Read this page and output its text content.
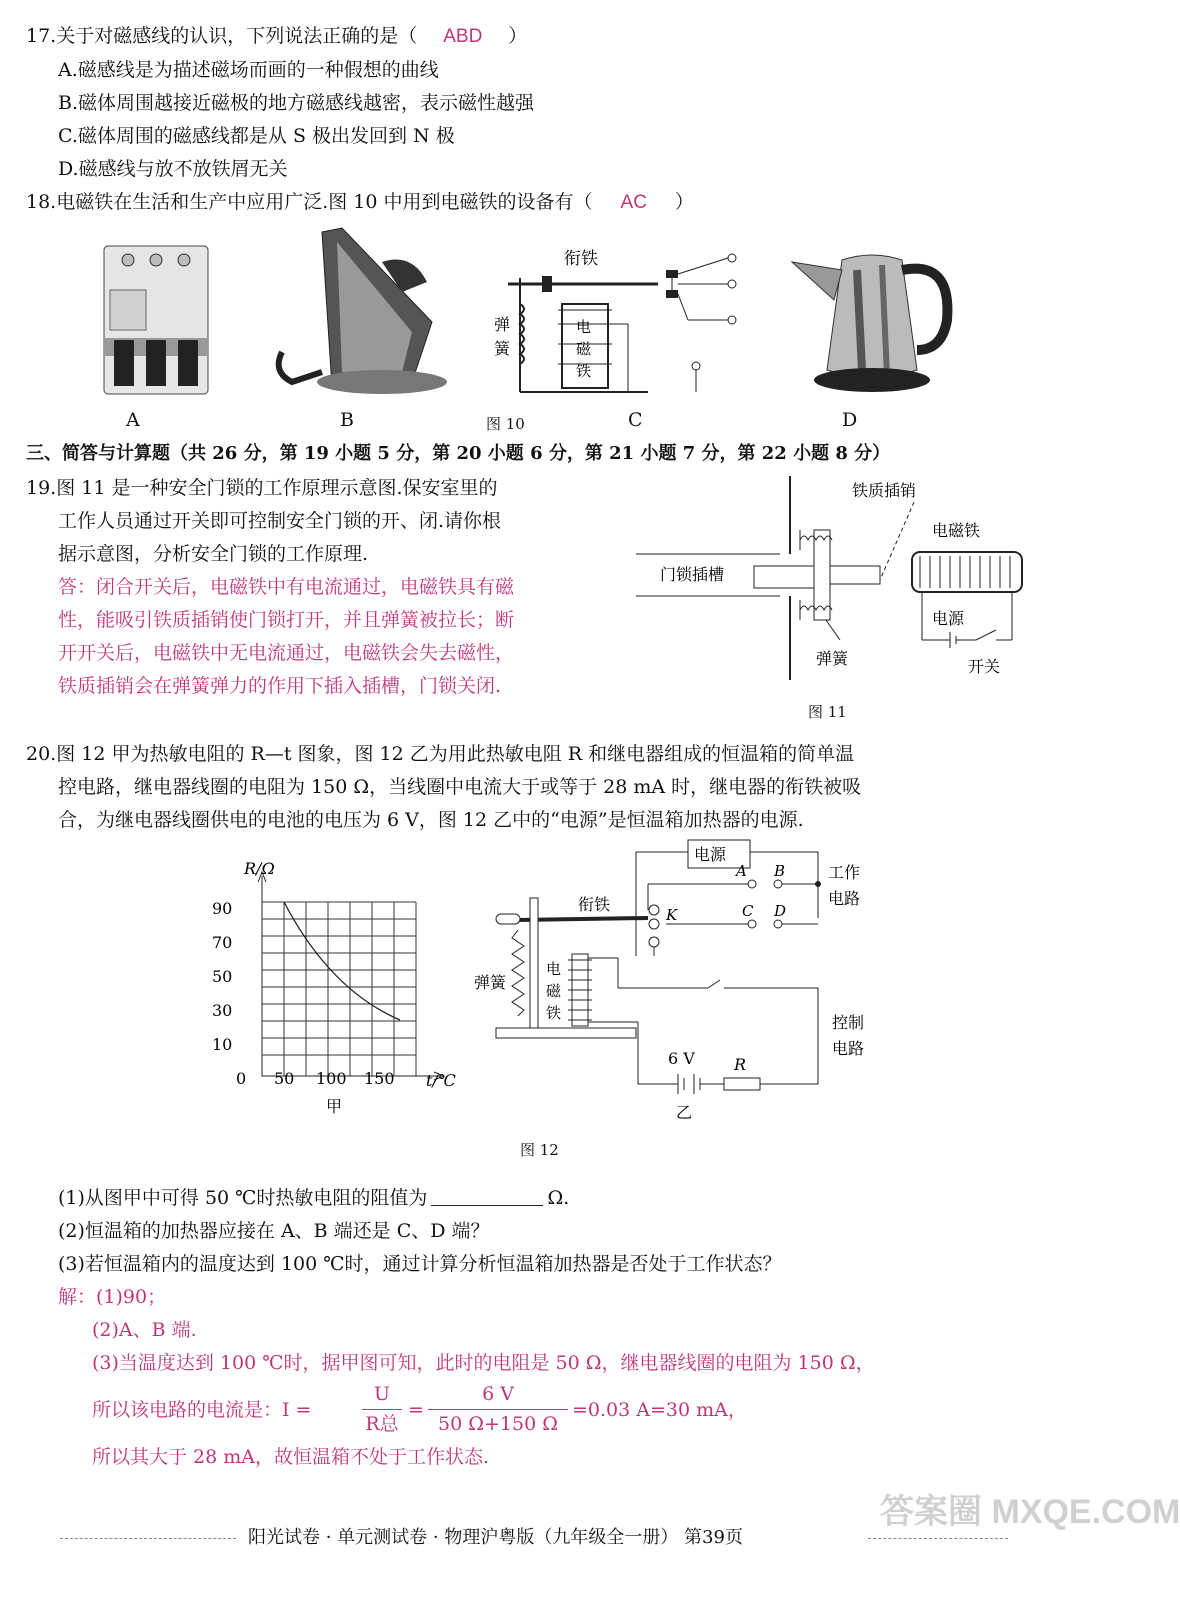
17.关于对磁感线的认识，下列说法正确的是（ ABD ）
A.磁感线是为描述磁场而画的一种假想的曲线
B.磁体周围越接近磁极的地方磁感线越密，表示磁性越强
C.磁体周围的磁感线都是从 S 极出发回到 N 极
D.磁感线与放不放铁屑无关
18.电磁铁在生活和生产中应用广泛.图 10 中用到电磁铁的设备有（ AC ）
A	B
衔铁
弹
簧
电
磁
铁
图 10	C	D
三、简答与计算题（共 26 分，第 19 小题 5 分，第 20 小题 6 分，第 21 小题 7 分，第 22 小题 8 分）
19.图 11 是一种安全门锁的工作原理示意图.保安室里的
工作人员通过开关即可控制安全门锁的开、闭.请你根
据示意图，分析安全门锁的工作原理.
答：闭合开关后，电磁铁中有电流通过，电磁铁具有磁
性，能吸引铁质插销使门锁打开，并且弹簧被拉长；断
开开关后，电磁铁中无电流通过，电磁铁会失去磁性，
铁质插销会在弹簧弹力的作用下插入插槽，门锁关闭.
铁质插销
门锁插槽
弹簧
电磁铁
电源
开关
图 11
20.图 12 甲为热敏电阻的 R—t 图象，图 12 乙为用此热敏电阻 R 和继电器组成的恒温箱的简单温
控电路，继电器线圈的电阻为 150 Ω，当线圈中电流大于或等于 28 mA 时，继电器的衔铁被吸
合，为继电器线圈供电的电池的电压为 6 V，图 12 乙中的“电源”是恒温箱加热器的电源.
R/Ω
90
70
50
30
10
0 50 100 150 t/℃
甲
电源
工作
电路
A B
C D
K
衔铁
弹簧
电
磁
铁	控制
电路
6 V R
乙
图 12
(1)从图甲中可得 50 ℃时热敏电阻的阻值为	Ω.
(2)恒温箱的加热器应接在 A、B 端还是 C、D 端？
(3)若恒温箱内的温度达到 100 ℃时，通过计算分析恒温箱加热器是否处于工作状态？
解：(1)90；
(2)A、B 端.
(3)当温度达到 100 ℃时，据甲图可知，此时的电阻是 50 Ω，继电器线圈的电阻为 150 Ω，
所以该电路的电流是：I =
U
R总
=
6 V
50 Ω+150 Ω
=0.03 A=30 mA，
所以其大于 28 mA，故恒温箱不处于工作状态.
阳光试卷 · 单元测试卷 · 物理沪粤版（九年级全一册） 第39页
答案圈 MXQE.COM
